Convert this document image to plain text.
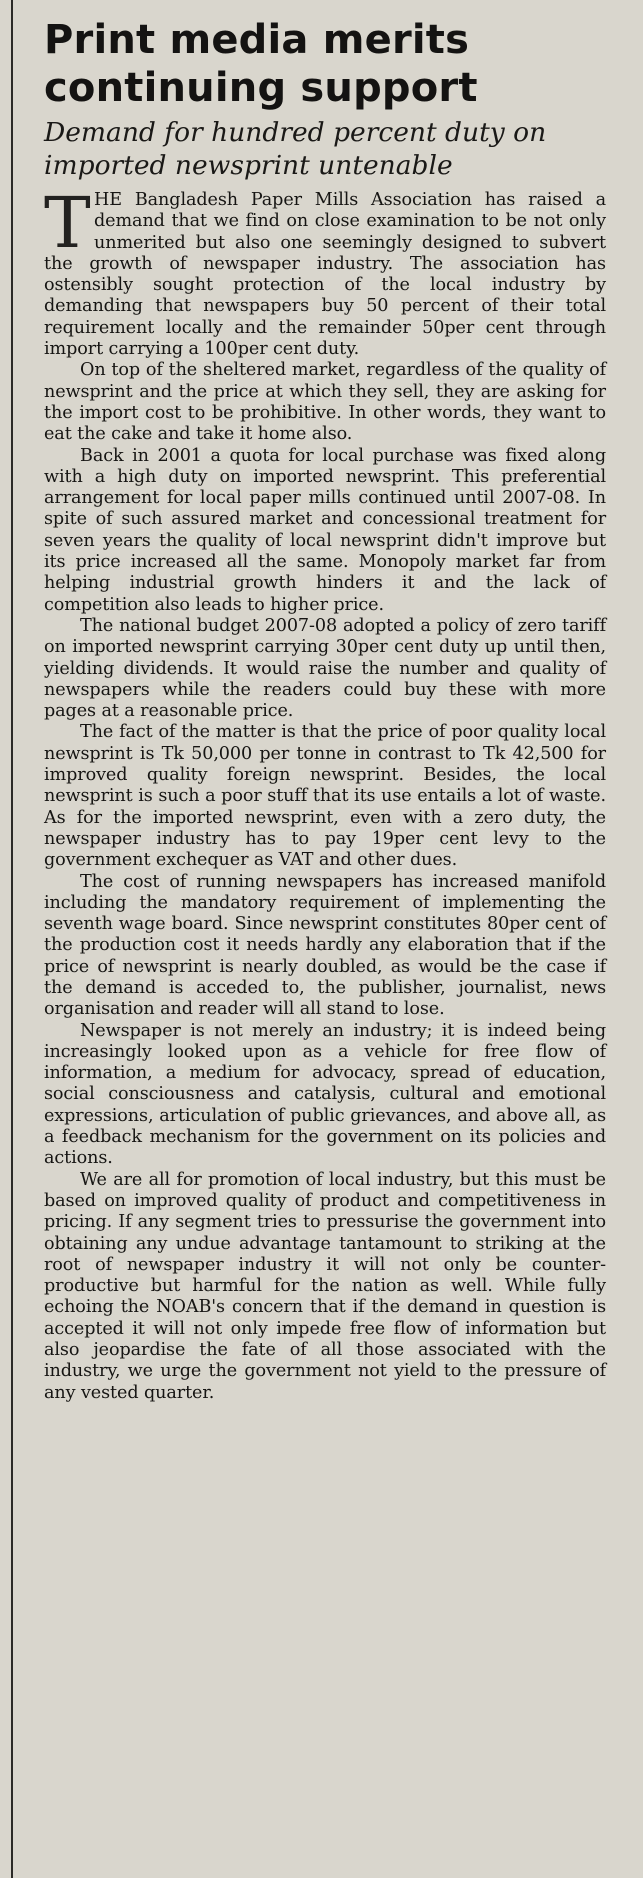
Print media merits continuing support
Demand for hundred percent duty on imported newsprint untenable

THE Bangladesh Paper Mills Association has raised a demand that we find on close examination to be not only unmerited but also one seemingly designed to subvert the growth of newspaper industry. The association has ostensibly sought protection of the local industry by demanding that newspapers buy 50 percent of their total requirement locally and the remainder 50per cent through import carrying a 100per cent duty.

On top of the sheltered market, regardless of the quality of newsprint and the price at which they sell, they are asking for the import cost to be prohibitive. In other words, they want to eat the cake and take it home also.

Back in 2001 a quota for local purchase was fixed along with a high duty on imported newsprint. This preferential arrangement for local paper mills continued until 2007-08. In spite of such assured market and concessional treatment for seven years the quality of local newsprint didn't improve but its price increased all the same. Monopoly market far from helping industrial growth hinders it and the lack of competition also leads to higher price.

The national budget 2007-08 adopted a policy of zero tariff on imported newsprint carrying 30per cent duty up until then, yielding dividends. It would raise the number and quality of newspapers while the readers could buy these with more pages at a reasonable price.

The fact of the matter is that the price of poor quality local newsprint is Tk 50,000 per tonne in contrast to Tk 42,500 for improved quality foreign newsprint. Besides, the local newsprint is such a poor stuff that its use entails a lot of waste. As for the imported newsprint, even with a zero duty, the newspaper industry has to pay 19per cent levy to the government exchequer as VAT and other dues.

The cost of running newspapers has increased manifold including the mandatory requirement of implementing the seventh wage board. Since newsprint constitutes 80per cent of the production cost it needs hardly any elaboration that if the price of newsprint is nearly doubled, as would be the case if the demand is acceded to, the publisher, journalist, news organisation and reader will all stand to lose.

Newspaper is not merely an industry; it is indeed being increasingly looked upon as a vehicle for free flow of information, a medium for advocacy, spread of education, social consciousness and catalysis, cultural and emotional expressions, articulation of public grievances, and above all, as a feedback mechanism for the government on its policies and actions.

We are all for promotion of local industry, but this must be based on improved quality of product and competitiveness in pricing. If any segment tries to pressurise the government into obtaining any undue advantage tantamount to striking at the root of newspaper industry it will not only be counter-productive but harmful for the nation as well. While fully echoing the NOAB's concern that if the demand in question is accepted it will not only impede free flow of information but also jeopardise the fate of all those associated with the industry, we urge the government not yield to the pressure of any vested quarter.
